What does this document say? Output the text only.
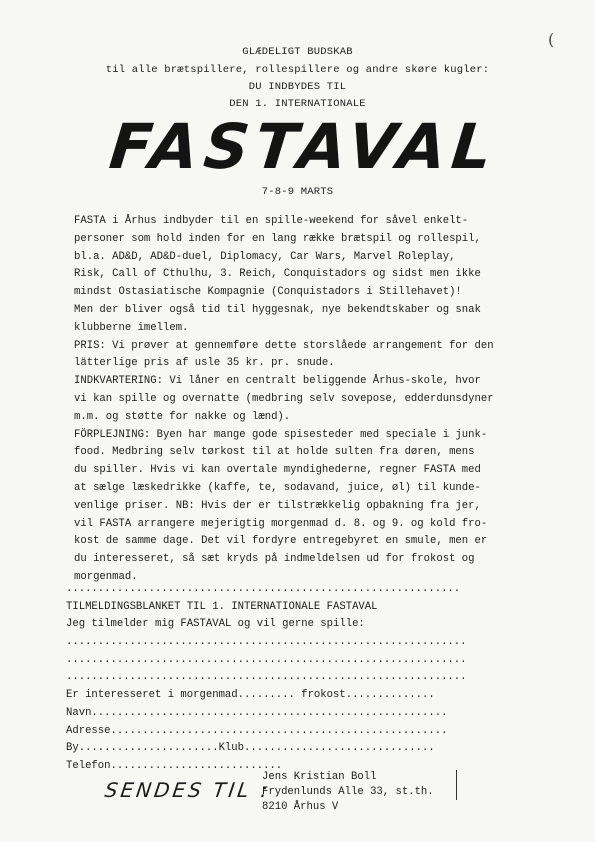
(
GLÆDELIGT BUDSKAB
til alle brætspillere, rollespillere og andre skøre kugler:
DU INDBYDES TIL
DEN 1. INTERNATIONALE
FASTAVAL
7-8-9 MARTS
FASTA i Århus indbyder til en spille-weekend for såvel enkelt-
personer som hold inden for en lang række brætspil og rollespil,
bl.a. AD&D, AD&D-duel, Diplomacy, Car Wars, Marvel Roleplay,
Risk, Call of Cthulhu, 3. Reich, Conquistadors og sidst men ikke
mindst Ostasiatische Kompagnie (Conquistadors i Stillehavet)!
Men der bliver også tid til hyggesnak, nye bekendtskaber og snak
klubberne imellem.
PRIS: Vi prøver at gennemføre dette storslåede arrangement for den
lätterlige pris af usle 35 kr. pr. snude.
INDKVARTERING: Vi låner en centralt beliggende Århus-skole, hvor
vi kan spille og overnatte (medbring selv sovepose, edderdunsdyner
m.m. og støtte for nakke og lænd).
FÖRPLEJNING: Byen har mange gode spisesteder med speciale i junk-
food. Medbring selv tørkost til at holde sulten fra døren, mens
du spiller. Hvis vi kan overtale myndighederne, regner FASTA med
at sælge læskedrikke (kaffe, te, sodavand, juice, øl) til kunde-
venlige priser. NB: Hvis der er tilstrækkelig opbakning fra jer,
vil FASTA arrangere mejerigtig morgenmad d. 8. og 9. og kold fro-
kost de samme dage. Det vil fordyre entregebyret en smule, men er
du interesseret, så sæt kryds på indmeldelsen ud for frokost og
morgenmad.
..............................................................
TILMELDINGSBLANKET TIL 1. INTERNATIONALE FASTAVAL
Jeg tilmelder mig FASTAVAL og vil gerne spille:
...............................................................
...............................................................
...............................................................
Er interesseret i morgenmad......... frokost..............
Navn........................................................
Adresse.....................................................
By......................Klub..............................
Telefon...........................
SENDES TIL :
Jens Kristian Boll
Frydenlunds Alle 33, st.th.
8210 Århus V
